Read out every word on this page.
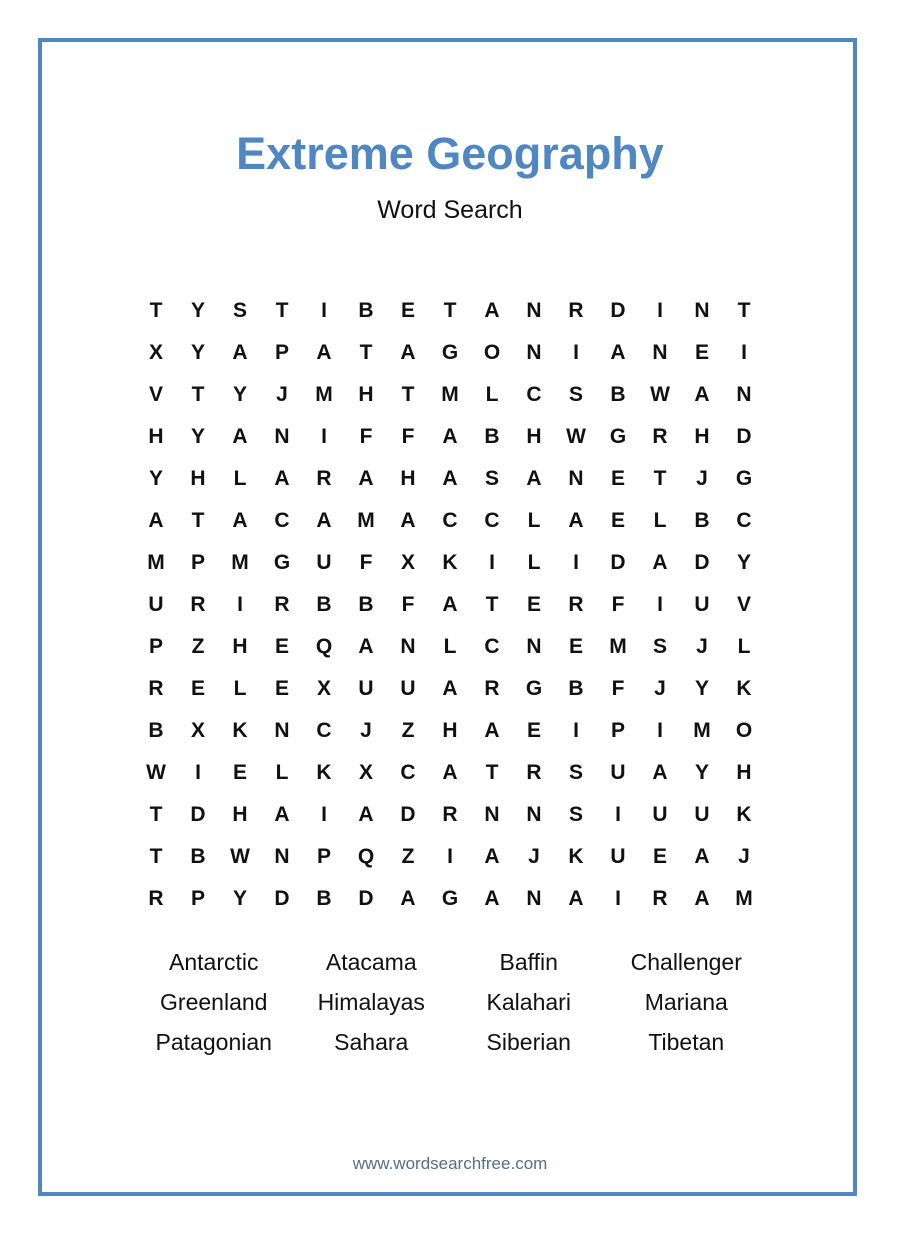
Extreme Geography
Word Search
T	Y	S	T	I	B	E	T	A	N	R	D	I	N	T
X	Y	A	P	A	T	A	G	O	N	I	A	N	E	I
V	T	Y	J	M	H	T	M	L	C	S	B	W	A	N
H	Y	A	N	I	F	F	A	B	H	W	G	R	H	D
Y	H	L	A	R	A	H	A	S	A	N	E	T	J	G
A	T	A	C	A	M	A	C	C	L	A	E	L	B	C
M	P	M	G	U	F	X	K	I	L	I	D	A	D	Y
U	R	I	R	B	B	F	A	T	E	R	F	I	U	V
P	Z	H	E	Q	A	N	L	C	N	E	M	S	J	L
R	E	L	E	X	U	U	A	R	G	B	F	J	Y	K
B	X	K	N	C	J	Z	H	A	E	I	P	I	M	O
W	I	E	L	K	X	C	A	T	R	S	U	A	Y	H
T	D	H	A	I	A	D	R	N	N	S	I	U	U	K
T	B	W	N	P	Q	Z	I	A	J	K	U	E	A	J
R	P	Y	D	B	D	A	G	A	N	A	I	R	A	M
Antarctic	Atacama	Baffin	Challenger
Greenland	Himalayas	Kalahari	Mariana
Patagonian	Sahara	Siberian	Tibetan
www.wordsearchfree.com
